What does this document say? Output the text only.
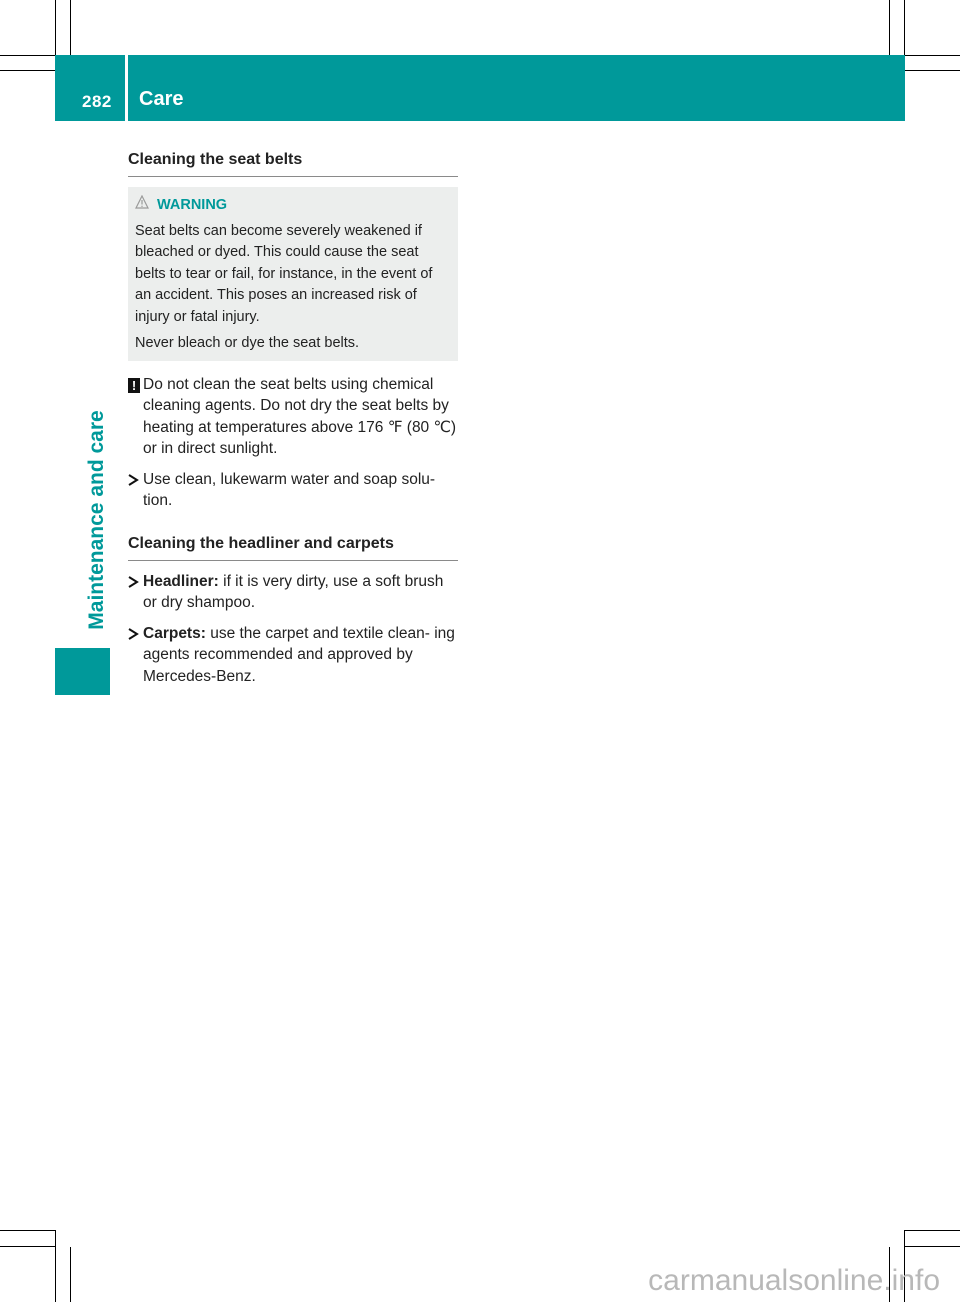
282 Care
Maintenance and care
Cleaning the seat belts
WARNING

Seat belts can become severely weakened if bleached or dyed. This could cause the seat belts to tear or fail, for instance, in the event of an accident. This poses an increased risk of injury or fatal injury.

Never bleach or dye the seat belts.

! Do not clean the seat belts using chemical cleaning agents. Do not dry the seat belts by heating at temperatures above 176 ℉ (80 ℃) or in direct sunlight.
Use clean, lukewarm water and soap solu- tion.
Cleaning the headliner and carpets
Headliner: if it is very dirty, use a soft brush or dry shampoo.
Carpets: use the carpet and textile clean- ing agents recommended and approved by Mercedes-Benz.
carmanualsonline.info
